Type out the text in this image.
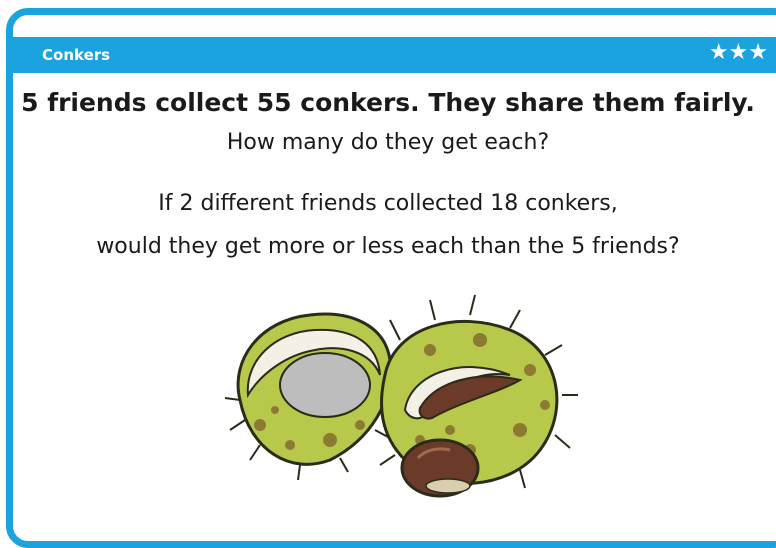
Conkers	★★★
5 friends collect 55 conkers. They share them fairly.
How many do they get each?
If 2 different friends collected 18 conkers,
would they get more or less each than the 5 friends?
